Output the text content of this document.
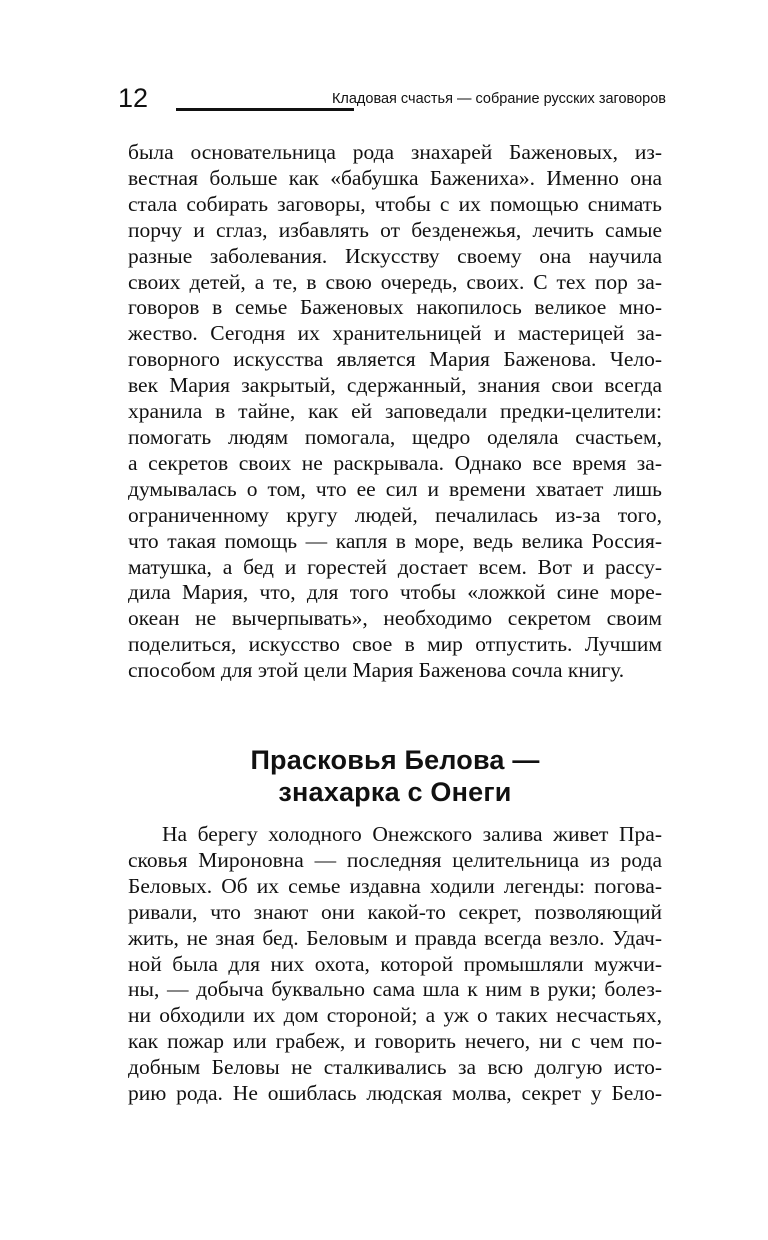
12	Кладовая счастья — собрание русских заговоров
была основательница рода знахарей Баженовых, из-
вестная больше как «бабушка Бажениха». Именно она
стала собирать заговоры, чтобы с их помощью снимать
порчу и сглаз, избавлять от безденежья, лечить самые
разные заболевания. Искусству своему она научила
своих детей, а те, в свою очередь, своих. С тех пор за-
говоров в семье Баженовых накопилось великое мно-
жество. Сегодня их хранительницей и мастерицей за-
говорного искусства является Мария Баженова. Чело-
век Мария закрытый, сдержанный, знания свои всегда
хранила в тайне, как ей заповедали предки-целители:
помогать людям помогала, щедро оделяла счастьем,
а секретов своих не раскрывала. Однако все время за-
думывалась о том, что ее сил и времени хватает лишь
ограниченному кругу людей, печалилась из-за того,
что такая помощь — капля в море, ведь велика Россия-
матушка, а бед и горестей достает всем. Вот и рассу-
дила Мария, что, для того чтобы «ложкой сине море-
океан не вычерпывать», необходимо секретом своим
поделиться, искусство свое в мир отпустить. Лучшим
способом для этой цели Мария Баженова сочла книгу.
Прасковья Белова —
знахарка с Онеги
На берегу холодного Онежского залива живет Пра-
сковья Мироновна — последняя целительница из рода
Беловых. Об их семье издавна ходили легенды: погова-
ривали, что знают они какой-то секрет, позволяющий
жить, не зная бед. Беловым и правда всегда везло. Удач-
ной была для них охота, которой промышляли мужчи-
ны, — добыча буквально сама шла к ним в руки; болез-
ни обходили их дом стороной; а уж о таких несчастьях,
как пожар или грабеж, и говорить нечего, ни с чем по-
добным Беловы не сталкивались за всю долгую исто-
рию рода. Не ошиблась людская молва, секрет у Бело-
